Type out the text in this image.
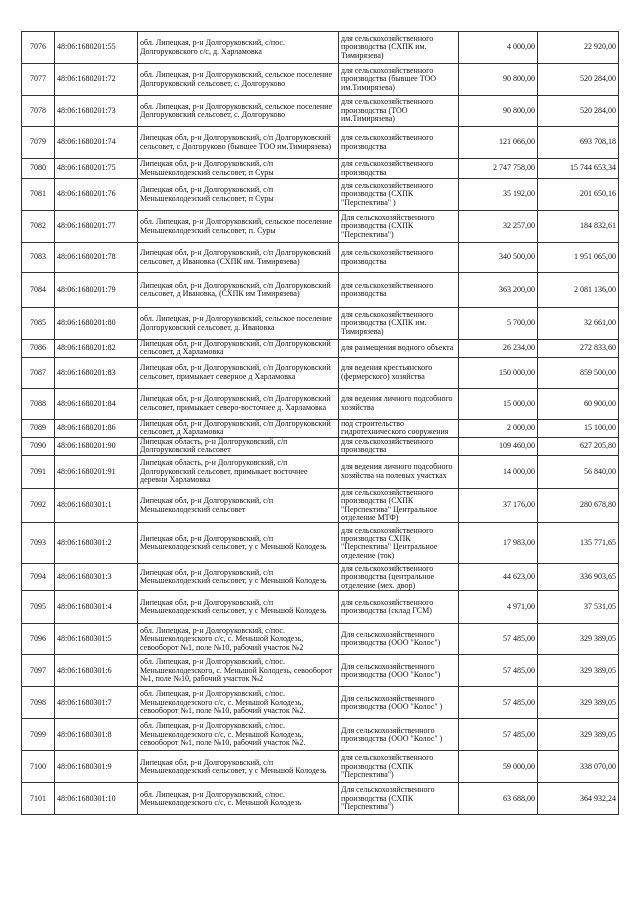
7076	48:06:1680201:55	обл. Липецкая, р-н Долгоруковский, с/пос. Долгоруковского с/с, д. Харламовка	для сельскохозяйственного производства (СХПК им. Тимирязева)	4 000,00	22 920,00
7077	48:06:1680201:72	обл. Липецкая, р-н Долгоруковский, сельское поселение Долгоруковский сельсовет, с. Долгоруково	для сельскохозяйственного производства (бывшее ТОО им.Тимирязева)	90 800,00	520 284,00
7078	48:06:1680201:73	обл. Липецкая, р-н Долгоруковский, сельское поселение Долгоруковский сельсовет, с. Долгоруково	для сельскохозяйственного производства (ТОО им.Тимирязева)	90 800,00	520 284,00
7079	48:06:1680201:74	Липецкая обл, р-н Долгоруковский, с/п Долгоруковский сельсовет, с Долгоруково (бывшее ТОО им.Тимирязева)	для сельскохозяйственного производства	121 066,00	693 708,18
7080	48:06:1680201:75	Липецкая обл, р-н Долгоруковский, с/п Меньшеколодезский сельсовет, п Суры	для сельскохозяйственного производства	2 747 758,00	15 744 653,34
7081	48:06:1680201:76	Липецкая обл, р-н Долгоруковский, с/п Меньшеколодезский сельсовет, п Суры	для сельскохозяйственного производства (СХПК "Перспектива" )	35 192,00	201 650,16
7082	48:06:1680201:77	обл. Липецкая, р-н Долгоруковский, сельское поселение Меньшеколодезский сельсовет, п. Суры	Для сельскохозяйственного производства (СХПК "Перспектива")	32 257,00	184 832,61
7083	48:06:1680201:78	Липецкая обл, р-н Долгоруковский, с/п Долгоруковский сельсовет, д Ивановка (СХПК им. Тимирязева)	для сельскохозяйственного производства	340 500,00	1 951 065,00
7084	48:06:1680201:79	Липецкая обл, р-н Долгоруковский, с/п Долгоруковский сельсовет, д Ивановка, (СХПК им Тимирязева)	для сельскохозяйственного производства	363 200,00	2 081 136,00
7085	48:06:1680201:80	обл. Липецкая, р-н Долгоруковский, сельское поселение Долгоруковский сельсовет, д. Ивановка	для сельскохозяйственного производства (СХПК им. Тимирязева)	5 700,00	32 661,00
7086	48:06:1680201:82	Липецкая обл, р-н Долгоруковский, с/п Долгоруковский сельсовет, д Харламовка	для размещения водного объекта	26 234,00	272 833,60
7087	48:06:1680201:83	Липецкая обл, р-н Долгоруковский, с/п Долгоруковский сельсовет, примыкает северное д Харламовка	для ведения крестьянского (фермерского) хозяйства	150 000,00	859 500,00
7088	48:06:1680201:84	Липецкая обл, р-н Долгоруковский, с/п Долгоруковский сельсовет, примыкает северо-восточнее д. Харламовка	для ведения личного подсобного хозяйства	15 000,00	60 900,00
7089	48:06:1680201:86	Липецкая обл, р-н Долгоруковский, с/п Долгоруковский сельсовет, д Харламовка	под строительство гидротехнического сооружения	2 000,00	15 100,00
7090	48:06:1680201:90	Липецкая область, р-н Долгоруковский, с/п Долгоруковский сельсовет	для сельскохозяйственного производства	109 460,00	627 205,80
7091	48:06:1680201:91	Липецкая область, р-н Долгоруковский, с/п Долгоруковский сельсовет, примыкает восточнее деревни Харламовка	для ведения личного подсобного хозяйства на полевых участках	14 000,00	56 840,00
7092	48:06:1680301:1	Липецкая обл, р-н Долгоруковский, с/п Меньшеколодезский сельсовет	для сельскохозяйственного производства (СХПК "Перспектива" Центральное отделение МТФ)	37 176,00	280 678,80
7093	48:06:1680301:2	Липецкая обл, р-н Долгоруковский, с/п Меньшеколодезский сельсовет, у с Меньшой Колодезь	для сельскохозяйственного производства СХПК "Перспектива" Центральное отделение (ток)	17 983,00	135 771,65
7094	48:06:1680301:3	Липецкая обл, р-н Долгоруковский, с/п Меньшеколодезский сельсовет, у с Меньшой Колодезь	для сельскохозяйственного производства (центральное отделение (мех. двор)	44 623,00	336 903,65
7095	48:06:1680301:4	Липецкая обл, р-н Долгоруковский, с/п Меньшеколодезский сельсовет, у с Меньшой Колодезь	для сельскохозяйственного производства (склад ГСМ)	4 971,00	37 531,05
7096	48:06:1680301:5	обл. Липецкая, р-н Долгоруковский, с/пос. Меньшеколодезского с/с, с. Меньшой Колодезь, севооборот №1, поле №10, рабочий участок №2	Для сельскохозяйственного производства (ООО "Колос")	57 485,00	329 389,05
7097	48:06:1680301:6	обл. Липецкая, р-н Долгоруковский, с/пос. Меньшеколодезского, с. Меньшой Колодезь, севооборот №1, поле №10, рабочий участок №2	Для сельскохозяйственного производства (ООО "Колос")	57 485,00	329 389,05
7098	48:06:1680301:7	обл. Липецкая, р-н Долгоруковский, с/пос. Меньшеколодезского с/с, с. Меньшой Колодезь, севооборот №1, поле №10, рабочий участок №2.	Для сельскохозяйственного производства (ООО "Колос" )	57 485,00	329 389,05
7099	48:06:1680301:8	обл. Липецкая, р-н Долгоруковский, с/пос. Меньшеколодезского с/с, с. Меньшой Колодезь, севооборот №1, поле №10, рабочий участок №2.	Для сельскохозяйственного производства (ООО "Колос" )	57 485,00	329 389,05
7100	48:06:1680301:9	Липецкая обл, р-н Долгоруковский, с/п Меньшеколодезский сельсовет, у с Меньшой Колодезь	для сельскохозяйственного производства (СХПК "Перспектива")	59 000,00	338 070,00
7101	48:06:1680301:10	обл. Липецкая, р-н Долгоруковский, с/пос. Меньшеколодезского с/с, с. Меньшой Колодезь	Для сельскохозяйственного производства (СХПК "Перспектива")	63 688,00	364 932,24
